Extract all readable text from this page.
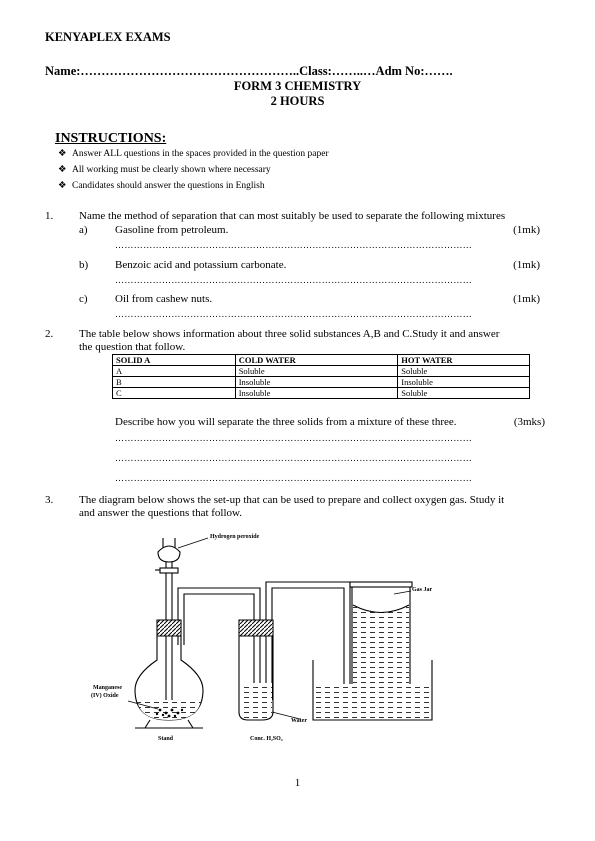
KENYAPLEX EXAMS
Name:……………………………………………..Class:……..…Adm No:…….
FORM 3 CHEMISTRY
2 HOURS
INSTRUCTIONS:
❖ Answer ALL questions in the spaces provided in the question paper
❖ All working must be clearly shown where necessary
❖ Candidates should answer the questions in English
1. Name the method of separation that can most suitably be used to separate the following mixtures
a) Gasoline from petroleum.	(1mk)
……………………………………………………………………………………………………
b) Benzoic acid and potassium carbonate.	(1mk)
……………………………………………………………………………………………………
c) Oil from cashew nuts.	(1mk)
……………………………………………………………………………………………………
2. The table below shows information about three solid substances A,B and C.Study it and answer
the question that follow.
SOLID A	COLD WATER	HOT WATER
A	Soluble	Soluble
B	Insoluble	Insoluble
C	Insoluble	Soluble
Describe how you will separate the three solids from a mixture of these three.	(3mks)
……………………………………………………………………………………………………
……………………………………………………………………………………………………
……………………………………………………………………………………………………
3. The diagram below shows the set-up that can be used to prepare and collect oxygen gas. Study it
and answer the questions that follow.
Hydrogen peroxide
Gas Jar
Manganese
(IV) Oxide
Water
Stand	Conc. H₂SO₄
1
